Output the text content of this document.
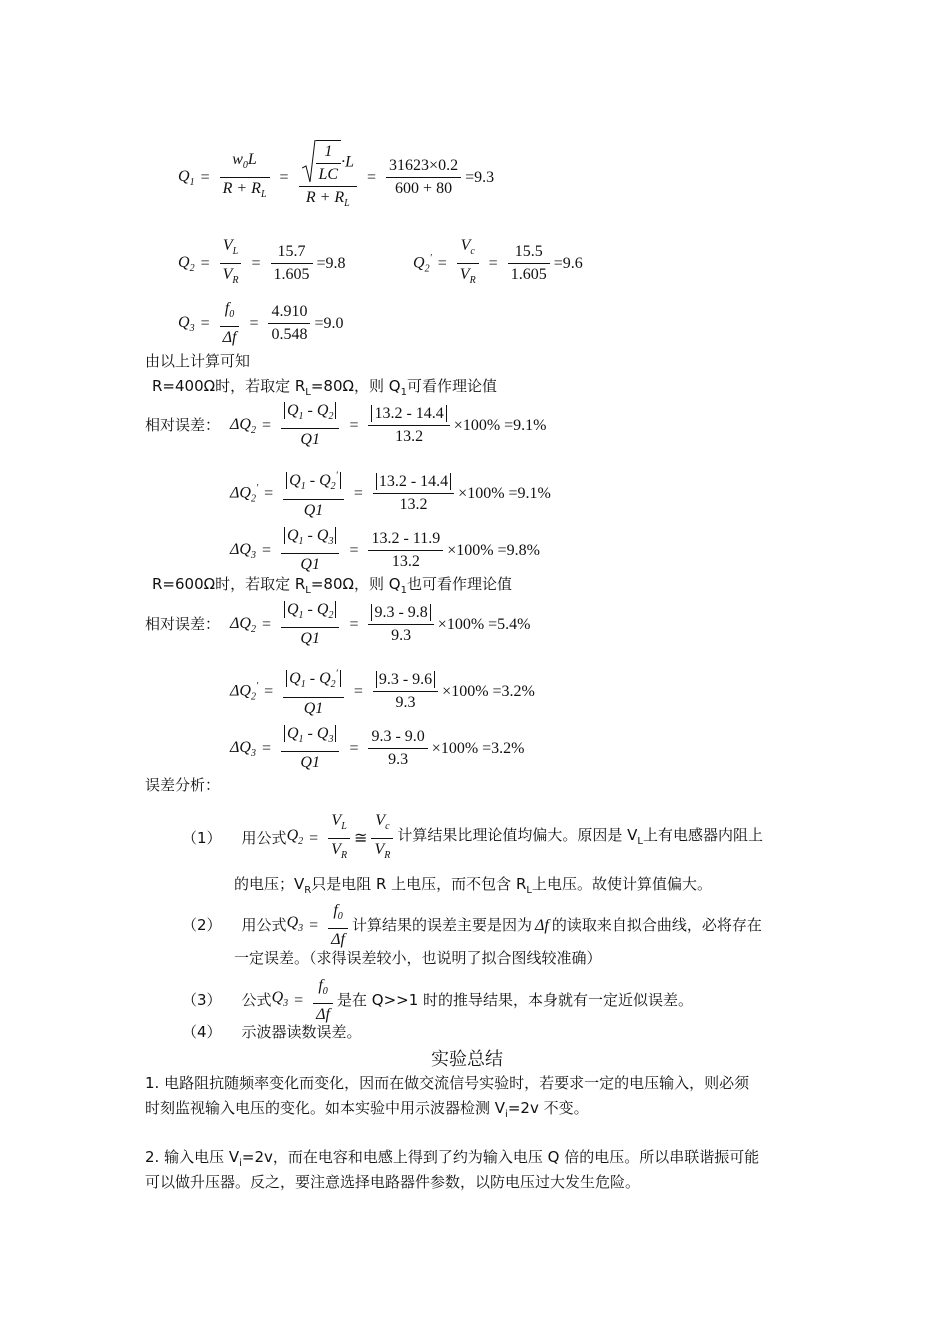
$Q_1 = \frac{w_0L}{R + R_L} = \frac{\frac{1}{LC} \cdot L}{R + R_L} = \frac{31623\times 0.2}{600 + 80} =9.3$
$Q_2 = \frac{V_L}{V_R} = \frac{15.7}{1.605} =9.8$	$Q_2' = \frac{V_c}{V_R} = \frac{15.5}{1.605} =9.6$
$Q_3 = \frac{f_0}{\Delta f} = \frac{4.910}{0.548} =9.0$
由以上计算可知
R=400Ω时，若取定 $R_L=80\Omega$，则 $Q_1$可看作理论值
相对误差： $\Delta Q_2 = \frac{Q_1 - Q_2}{Q1} = \frac{13.2 - 14.4}{13.2} \times 100\% =9.1\%$
$\Delta Q_2' = \frac{Q_1 - Q_2'}{Q1} = \frac{13.2 - 14.4}{13.2} \times 100\% =9.1\%$
$\Delta Q_3 = \frac{Q_1 - Q_3}{Q1} = \frac{13.2 - 11.9}{13.2} \times 100\% =9.8\%$
R=600Ω时，若取定 $R_L=80\Omega$，则 $Q_1$也可看作理论值
相对误差： $\Delta Q_2 = \frac{Q_1 - Q_2}{Q1} = \frac{9.3 - 9.8}{9.3} \times 100\% =5.4\%$
$\Delta Q_2' = \frac{Q_1 - Q_2'}{Q1} = \frac{9.3 - 9.6}{9.3} \times 100\% =3.2\%$
$\Delta Q_3 = \frac{Q_1 - Q_3}{Q1} = \frac{9.3 - 9.0}{9.3} \times 100\% =3.2\%$
误差分析：
（1） 用公式 $Q_2 = \frac{V_L}{V_R}$ ≅ $\frac{V_c}{V_R}$ 计算结果比理论值均偏大。原因是 $V_L$上有电感器内阻上
的电压；$V_R$只是电阻 R 上电压，而不包含 $R_L$上电压。故使计算值偏大。
（2） 用公式 $Q_3 = \frac{f_0}{\Delta f}$ 计算结果的误差主要是因为 Δf 的读取来自拟合曲线，必将存在
一定误差。（求得误差较小，也说明了拟合图线较准确）
（3） 公式 $Q_3 = \frac{f_0}{\Delta f}$ 是在 Q>>1 时的推导结果，本身就有一定近似误差。
（4） 示波器读数误差。
实验总结
1. 电路阻抗随频率变化而变化，因而在做交流信号实验时，若要求一定的电压输入，则必须
时刻监视输入电压的变化。如本实验中用示波器检测 $V_i=2v$ 不变。
2. 输入电压 $V_i=2v$，而在电容和电感上得到了约为输入电压 Q 倍的电压。所以串联谐振可能
可以做升压器。反之，要注意选择电路器件参数，以防电压过大发生危险。
